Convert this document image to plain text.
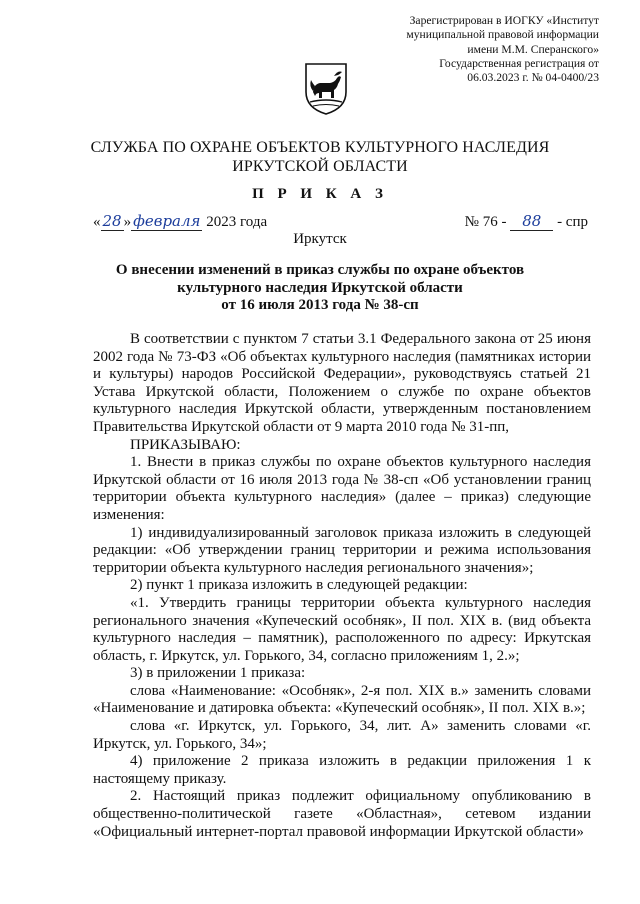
Зарегистрирован в ИОГКУ «Институт
муниципальной правовой информации
имени М.М. Сперанского»
Государственная регистрация от
06.03.2023 г. № 04-0400/23
СЛУЖБА ПО ОХРАНЕ ОБЪЕКТОВ КУЛЬТУРНОГО НАСЛЕДИЯ
ИРКУТСКОЙ ОБЛАСТИ
П Р И К А З
« 28 » февраля 2023 года	№ 76 - 88 - спр
Иркутск
О внесении изменений в приказ службы по охране объектов
культурного наследия Иркутской области
от 16 июля 2013 года № 38-сп

В соответствии с пунктом 7 статьи 3.1 Федерального закона от 25 июня 2002 года № 73-ФЗ «Об объектах культурного наследия (памятниках истории и культуры) народов Российской Федерации», руководствуясь статьей 21 Устава Иркутской области, Положением о службе по охране объектов культурного наследия Иркутской области, утвержденным постановлением Правительства Иркутской области от 9 марта 2010 года № 31-пп,

ПРИКАЗЫВАЮ:

1. Внести в приказ службы по охране объектов культурного наследия Иркутской области от 16 июля 2013 года № 38-сп «Об установлении границ территории объекта культурного наследия» (далее – приказ) следующие изменения:

1) индивидуализированный заголовок приказа изложить в следующей редакции: «Об утверждении границ территории и режима использования территории объекта культурного наследия регионального значения»;

2) пункт 1 приказа изложить в следующей редакции:

«1. Утвердить границы территории объекта культурного наследия регионального значения «Купеческий особняк», II пол. XIX в. (вид объекта культурного наследия – памятник), расположенного по адресу: Иркутская область, г. Иркутск, ул. Горького, 34, согласно приложениям 1, 2.»;

3) в приложении 1 приказа:

слова «Наименование: «Особняк», 2-я пол. XIX в.» заменить словами «Наименование и датировка объекта: «Купеческий особняк», II пол. XIX в.»;

слова «г. Иркутск, ул. Горького, 34, лит. А» заменить словами «г. Иркутск, ул. Горького, 34»;

4) приложение 2 приказа изложить в редакции приложения 1 к настоящему приказу.

2. Настоящий приказ подлежит официальному опубликованию в общественно-политической газете «Областная», сетевом издании «Официальный интернет-портал правовой информации Иркутской области»
